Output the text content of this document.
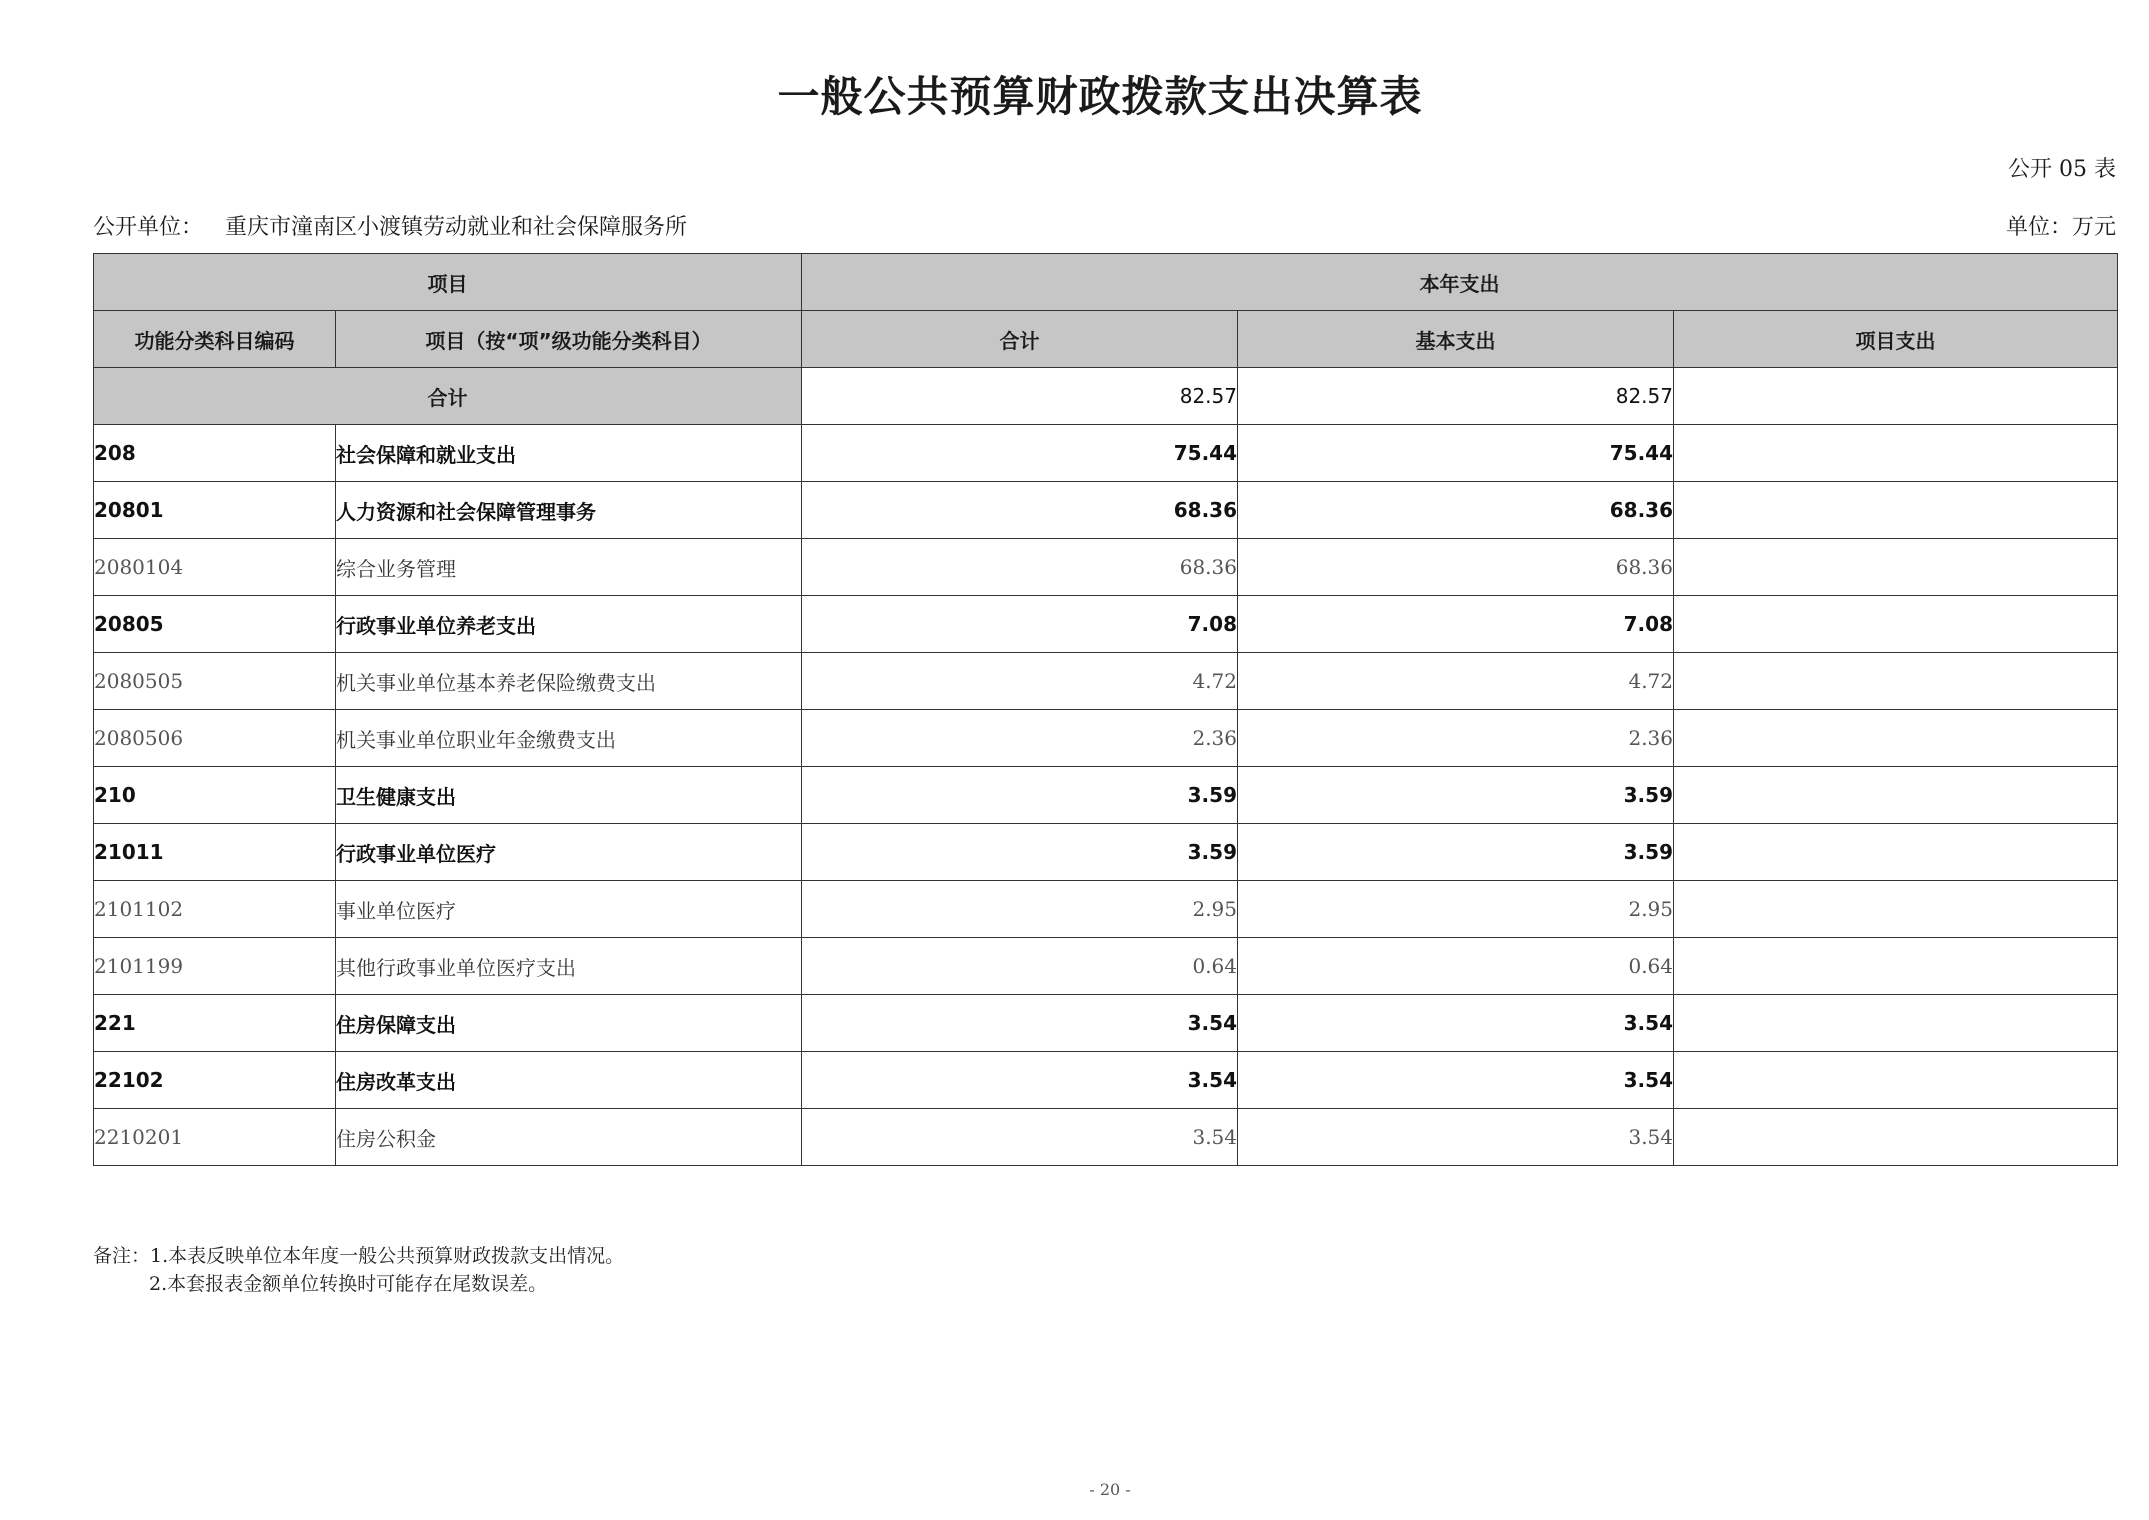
一般公共预算财政拨款支出决算表
公开 05 表
公开单位： 重庆市潼南区小渡镇劳动就业和社会保障服务所	单位：万元
项目		本年支出		
功能分类科目编码	项目（按“项”级功能分类科目）	合计	基本支出	项目支出
合计		82.57	82.57	
208	社会保障和就业支出	75.44	75.44	
20801	人力资源和社会保障管理事务	68.36	68.36	
2080104	综合业务管理	68.36	68.36	
20805	行政事业单位养老支出	7.08	7.08	
2080505	机关事业单位基本养老保险缴费支出	4.72	4.72	
2080506	机关事业单位职业年金缴费支出	2.36	2.36	
210	卫生健康支出	3.59	3.59	
21011	行政事业单位医疗	3.59	3.59	
2101102	事业单位医疗	2.95	2.95	
2101199	其他行政事业单位医疗支出	0.64	0.64	
221	住房保障支出	3.54	3.54	
22102	住房改革支出	3.54	3.54	
2210201	住房公积金	3.54	3.54	
备注：1.本表反映单位本年度一般公共预算财政拨款支出情况。
2.本套报表金额单位转换时可能存在尾数误差。
- 20 -
